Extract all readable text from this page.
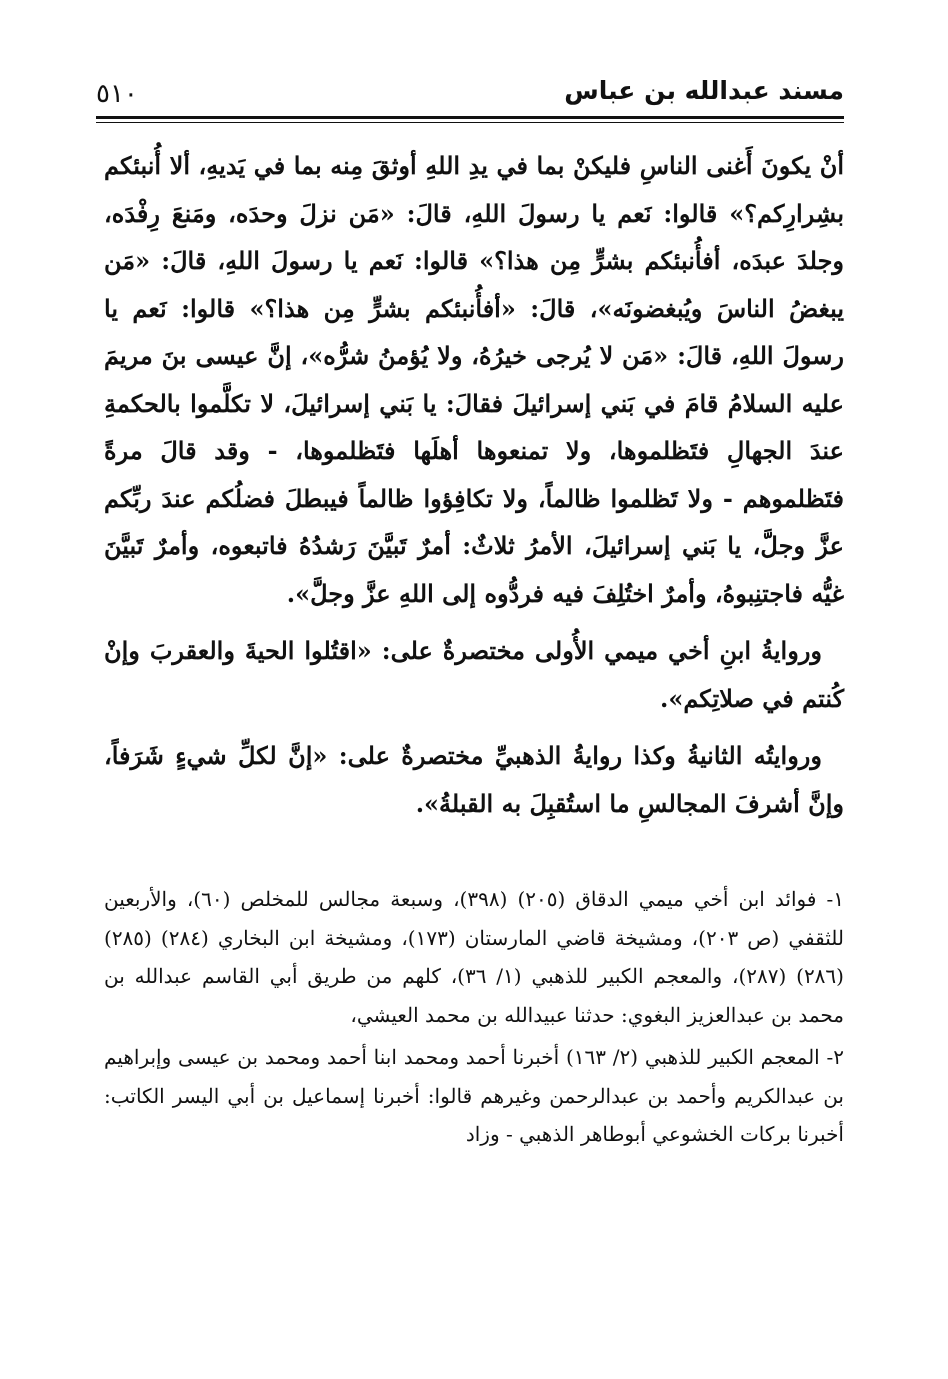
مسند عبدالله بن عباس
٥١٠

أنْ يكونَ أَغنى الناسِ فليكنْ بما في يدِ اللهِ أوثقَ مِنه بما في يَديهِ، ألا أُنبئكم بشِرارِكم؟» قالوا: نَعم يا رسولَ اللهِ، قالَ: «مَن نزلَ وحدَه، ومَنعَ رِفْدَه، وجلدَ عبدَه، أفأُنبئكم بشرٍّ مِن هذا؟» قالوا: نَعم يا رسولَ اللهِ، قالَ: «مَن يبغضُ الناسَ ويُبغضونَه»، قالَ: «أفأُنبئكم بشرٍّ مِن هذا؟» قالوا: نَعم يا رسولَ اللهِ، قالَ: «مَن لا يُرجى خيرُهُ، ولا يُؤمنُ شرُّه»، إنَّ عيسى بنَ مريمَ عليه السلامُ قامَ في بَني إسرائيلَ فقالَ: يا بَني إسرائيلَ، لا تكلَّموا بالحكمةِ عندَ الجهالِ فتَظلموها، ولا تمنعوها أهلَها فتَظلموها، - وقد قالَ مرةً فتَظلموهم - ولا تَظلموا ظالماً، ولا تكافِؤوا ظالماً فيبطلَ فضلُكم عندَ ربِّكم عزَّ وجلَّ، يا بَني إسرائيلَ، الأمرُ ثلاثٌ: أمرٌ تَبيَّنَ رَشدُهُ فاتبعوه، وأمرٌ تَبيَّنَ غيُّه فاجتنِبوهُ، وأمرٌ اختُلِفَ فيه فردُّوه إلى اللهِ عزَّ وجلَّ».

وروايةُ ابنِ أخي ميمي الأُولى مختصرةٌ على: «اقتُلوا الحيةَ والعقربَ وإنْ كُنتم في صلاتِكم».

وروايتُه الثانيةُ وكذا روايةُ الذهبيِّ مختصرةٌ على: «إنَّ لكلِّ شيءٍ شَرَفاً، وإنَّ أشرفَ المجالسِ ما استُقبِلَ به القبلةُ».

١- فوائد ابن أخي ميمي الدقاق (٢٠٥) (٣٩٨)، وسبعة مجالس للمخلص (٦٠)، والأربعين للثقفي (ص ٢٠٣)، ومشيخة قاضي المارستان (١٧٣)، ومشيخة ابن البخاري (٢٨٤) (٢٨٥) (٢٨٦) (٢٨٧)، والمعجم الكبير للذهبي (١/ ٣٦)، كلهم من طريق أبي القاسم عبدالله بن محمد بن عبدالعزيز البغوي: حدثنا عبيدالله بن محمد العيشي،

٢- المعجم الكبير للذهبي (٢/ ١٦٣) أخبرنا أحمد ومحمد ابنا أحمد ومحمد بن عيسى وإبراهيم بن عبدالكريم وأحمد بن عبدالرحمن وغيرهم قالوا: أخبرنا إسماعيل بن أبي اليسر الكاتب: أخبرنا بركات الخشوعي أبوطاهر الذهبي - وزاد
